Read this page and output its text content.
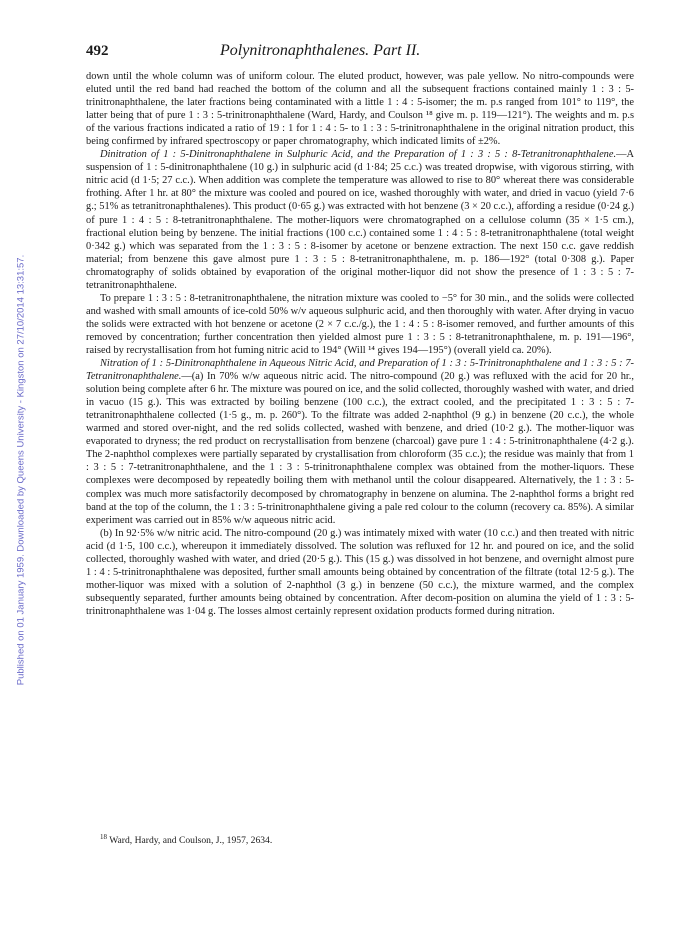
492	Polynitronaphthalenes. Part II.
Published on 01 January 1959. Downloaded by Queens University - Kingston on 27/10/2014 13:31:57.

down until the whole column was of uniform colour. The eluted product, however, was pale yellow. No nitro-compounds were eluted until the red band had reached the bottom of the column and all the subsequent fractions contained mainly 1 : 3 : 5-trinitronaphthalene, the later fractions being contaminated with a little 1 : 4 : 5-isomer; the m. p.s ranged from 101° to 119°, the latter being that of pure 1 : 3 : 5-trinitronaphthalene (Ward, Hardy, and Coulson ¹⁸ give m. p. 119—121°). The weights and m. p.s of the various fractions indicated a ratio of 19 : 1 for 1 : 4 : 5- to 1 : 3 : 5-trinitronaphthalene in the original nitration product, this being confirmed by infrared spectroscopy or paper chromatography, which indicated limits of ±2%.

Dinitration of 1 : 5-Dinitronaphthalene in Sulphuric Acid, and the Preparation of 1 : 3 : 5 : 8-Tetranitronaphthalene.—A suspension of 1 : 5-dinitronaphthalene (10 g.) in sulphuric acid (d 1·84; 25 c.c.) was treated dropwise, with vigorous stirring, with nitric acid (d 1·5; 27 c.c.). When addition was complete the temperature was allowed to rise to 80° whereat there was considerable frothing. After 1 hr. at 80° the mixture was cooled and poured on ice, washed thoroughly with water, and dried in vacuo (yield 7·6 g.; 51% as tetranitronaphthalenes). This product (0·65 g.) was extracted with hot benzene (3 × 20 c.c.), affording a residue (0·24 g.) of pure 1 : 4 : 5 : 8-tetranitronaphthalene. The mother-liquors were chromatographed on a cellulose column (35 × 1·5 cm.), fractional elution being by benzene. The initial fractions (100 c.c.) contained some 1 : 4 : 5 : 8-tetranitronaphthalene (total weight 0·342 g.) which was separated from the 1 : 3 : 5 : 8-isomer by acetone or benzene extraction. The next 150 c.c. gave reddish material; from benzene this gave almost pure 1 : 3 : 5 : 8-tetranitronaphthalene, m. p. 186—192° (total 0·308 g.). Paper chromatography of solids obtained by evaporation of the original mother-liquor did not show the presence of 1 : 3 : 5 : 7-tetranitronaphthalene.

To prepare 1 : 3 : 5 : 8-tetranitronaphthalene, the nitration mixture was cooled to −5° for 30 min., and the solids were collected and washed with small amounts of ice-cold 50% w/v aqueous sulphuric acid, and then thoroughly with water. After drying in vacuo the solids were extracted with hot benzene or acetone (2 × 7 c.c./g.), the 1 : 4 : 5 : 8-isomer removed, and further amounts of this removed by concentration; further concentration then yielded almost pure 1 : 3 : 5 : 8-tetranitronaphthalene, m. p. 191—196°, raised by recrystallisation from hot fuming nitric acid to 194° (Will ¹⁴ gives 194—195°) (overall yield ca. 20%).

Nitration of 1 : 5-Dinitronaphthalene in Aqueous Nitric Acid, and Preparation of 1 : 3 : 5-Trinitronaphthalene and 1 : 3 : 5 : 7-Tetranitronaphthalene.—(a) In 70% w/w aqueous nitric acid. The nitro-compound (20 g.) was refluxed with the acid for 20 hr., solution being complete after 6 hr. The mixture was poured on ice, and the solid collected, thoroughly washed with water, and dried in vacuo (15 g.). This was extracted by boiling benzene (100 c.c.), the extract cooled, and the precipitated 1 : 3 : 5 : 7-tetranitronaphthalene collected (1·5 g., m. p. 260°). To the filtrate was added 2-naphthol (9 g.) in benzene (20 c.c.), the whole warmed and stored over-night, and the red solids collected, washed with benzene, and dried (10·2 g.). The mother-liquor was evaporated to dryness; the red product on recrystallisation from benzene (charcoal) gave pure 1 : 4 : 5-trinitronaphthalene (4·2 g.). The 2-naphthol complexes were partially separated by crystallisation from chloroform (35 c.c.); the residue was mainly that from 1 : 3 : 5 : 7-tetranitronaphthalene, and the 1 : 3 : 5-trinitronaphthalene complex was obtained from the mother-liquors. These complexes were decomposed by repeatedly boiling them with methanol until the colour disappeared. Alternatively, the 1 : 3 : 5-complex was much more satisfactorily decomposed by chromatography in benzene on alumina. The 2-naphthol forms a bright red band at the top of the column, the 1 : 3 : 5-trinitronaphthalene giving a pale red colour to the column (recovery ca. 85%). A similar experiment was carried out in 85% w/w aqueous nitric acid.

(b) In 92·5% w/w nitric acid. The nitro-compound (20 g.) was intimately mixed with water (10 c.c.) and then treated with nitric acid (d 1·5, 100 c.c.), whereupon it immediately dissolved. The solution was refluxed for 12 hr. and poured on ice, and the solid collected, thoroughly washed with water, and dried (20·5 g.). This (15 g.) was dissolved in hot benzene, and overnight almost pure 1 : 4 : 5-trinitronaphthalene was deposited, further small amounts being obtained by concentration of the filtrate (total 12·5 g.). The mother-liquor was mixed with a solution of 2-naphthol (3 g.) in benzene (50 c.c.), the mixture warmed, and the complex subsequently separated, further amounts being obtained by concentration. After decom-position on alumina the yield of 1 : 3 : 5-trinitronaphthalene was 1·04 g. The losses almost certainly represent oxidation products formed during nitration.

$^{18}$ Ward, Hardy, and Coulson, J., 1957, 2634.
